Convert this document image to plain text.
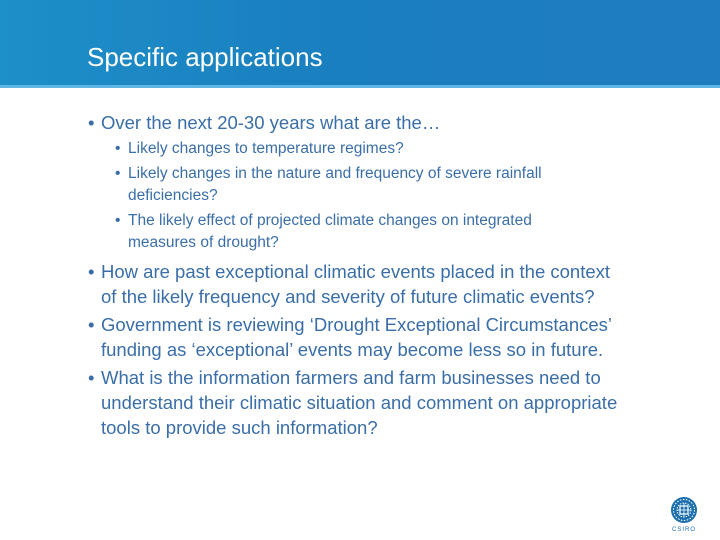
Specific applications
• Over the next 20-30 years what are the…
• Likely changes to temperature regimes?
• Likely changes in the nature and frequency of severe rainfall
deficiencies?
• The likely effect of projected climate changes on integrated
measures of drought?
• How are past exceptional climatic events placed in the context
of the likely frequency and severity of future climatic events?
• Government is reviewing ‘Drought Exceptional Circumstances’
funding as ‘exceptional’ events may become less so in future.
• What is the information farmers and farm businesses need to
understand their climatic situation and comment on appropriate
tools to provide such information?
CSIRO
